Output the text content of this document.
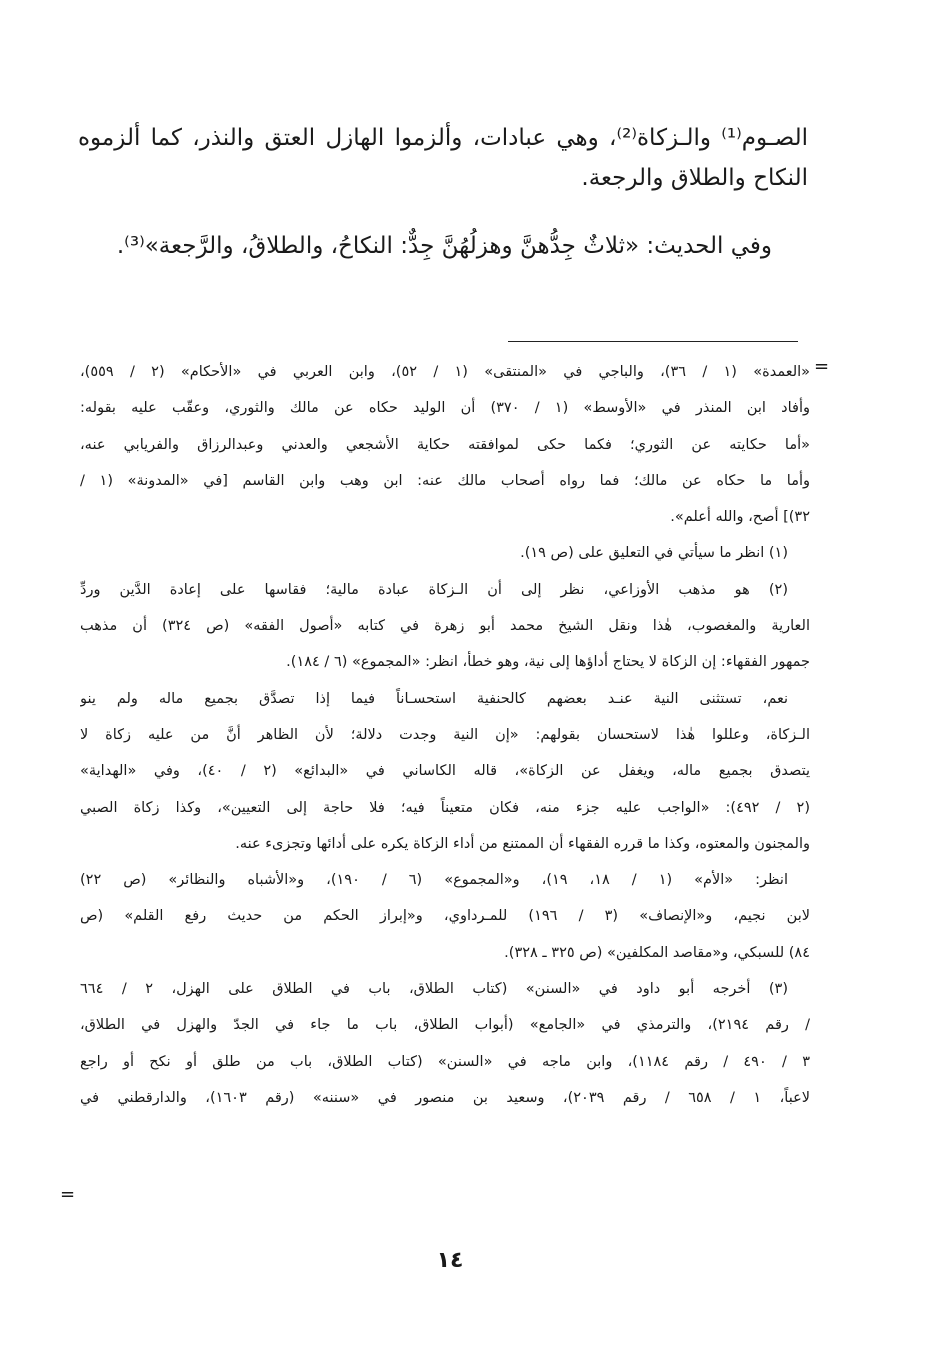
الصـوم⁽¹⁾ والـزكاة⁽²⁾، وهي عبادات، وألزموا الهازل العتق والنذر، كما ألزموه النكاح والطلاق والرجعة.
وفي الحديث: «ثلاثٌ جِدُّهنَّ وهزلُهُنَّ جِدٌّ: النكاحُ، والطلاقُ، والرَّجعة»⁽³⁾.
=
«العمدة» (١ / ٣٦)، والباجي في «المنتقى» (١ / ٥٢)، وابن العربي في «الأحكام» (٢ / ٥٥٩)،
وأفاد ابن المنذر في «الأوسط» (١ / ٣٧٠) أن الوليد حكاه عن مالك والثوري، وعقّب عليه بقوله:
«أما حكايته عن الثوري؛ فكما حكى لموافقته حكاية الأشجعي والعدني وعبدالرزاق والفريابي عنه،
وأما ما حكاه عن مالك؛ فما رواه أصحاب مالك عنه: ابن وهب وابن القاسم [في «المدونة» (١ /
٣٢)] أصح، والله أعلم».
(١) انظر ما سيأتي في التعليق على (ص ١٩).
(٢) هو مذهب الأوزاعي، نظر إلى أن الـزكاة عبادة مالية؛ فقاسها على إعادة الدَّين وردِّ
العارية والمغصوب، هٰذا ونقل الشيخ محمد أبو زهرة في كتابه «أصول الفقه» (ص ٣٢٤) أن مذهب
جمهور الفقهاء: إن الزكاة لا يحتاج أداؤها إلى نية، وهو خطأ، انظر: «المجموع» (٦ / ١٨٤).
نعم، تستثنى النية عنـد بعضهم كالحنفية استحسـاناً فيما إذا تصدَّق بجميع ماله ولم ينو
الـزكاة، وعللوا هٰذا لاستحسان بقولهم: «إن النية وجدت دلالة؛ لأن الظاهر أنَّ من عليه زكاة لا
يتصدق بجميع ماله، ويغفل عن الزكاة»، قاله الكاساني في «البدائع» (٢ / ٤٠)، وفي «الهداية»
(٢ / ٤٩٢): «الواجب عليه جزء منه، فكان متعيناً فيه؛ فلا حاجة إلى التعيين»، وكذا زكاة الصبي
والمجنون والمعتوه، وكذا ما قرره الفقهاء أن الممتنع من أداء الزكاة يكره على أدائها وتجزىء عنه.
انظر: «الأم» (١ / ١٨، ١٩)، و«المجموع» (٦ / ١٩٠)، و«الأشباه والنظائر» (ص ٢٢)
لابن نجيم، و«الإنصاف» (٣ / ١٩٦) للمـرداوي، و«إبراز الحكم من حديث رفع القلم» (ص
٨٤) للسبكي، و«مقاصد المكلفين» (ص ٣٢٥ ـ ٣٢٨).
(٣) أخرجه أبو داود في «السنن» (كتاب الطلاق، باب في الطلاق على الهزل، ٢ / ٦٦٤
/ رقم ٢١٩٤)، والترمذي في «الجامع» (أبواب الطلاق، باب ما جاء في الجدّ والهزل في الطلاق،
٣ / ٤٩٠ / رقم ١١٨٤)، وابن ماجه في «السنن» (كتاب الطلاق، باب من طلق أو نكح أو راجع
لاعباً، ١ / ٦٥٨ / رقم ٢٠٣٩)، وسعيد بن منصور في «سننه» (رقم ١٦٠٣)، والدارقطني في
=
١٤
